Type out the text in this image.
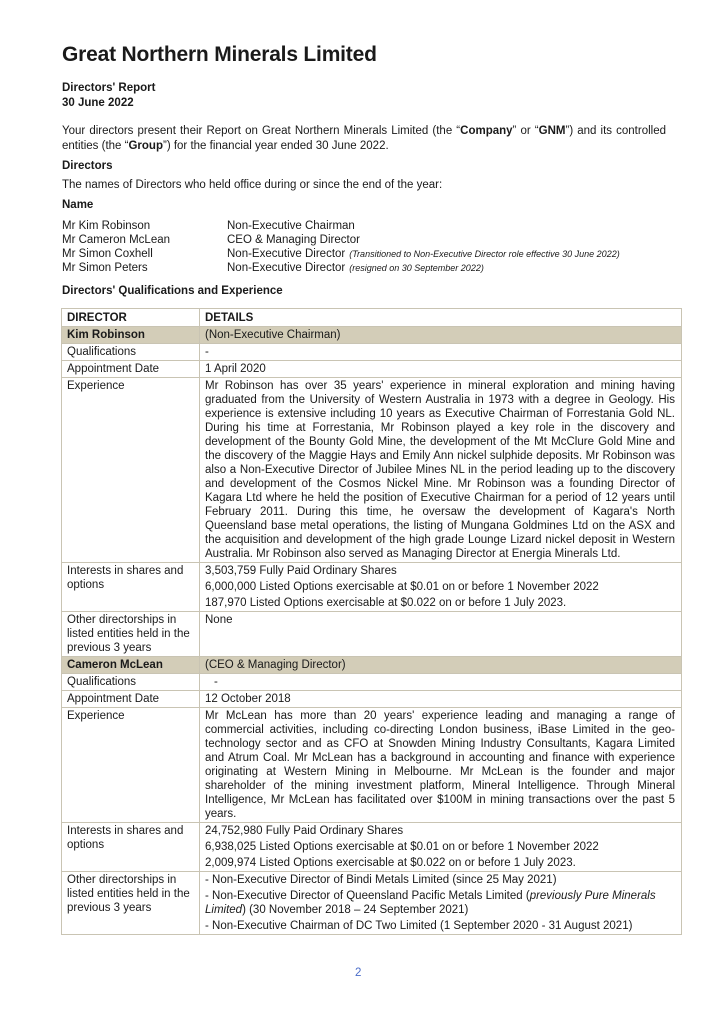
Great Northern Minerals Limited
Directors' Report
30 June 2022
Your directors present their Report on Great Northern Minerals Limited (the “Company” or “GNM”) and its controlled entities (the “Group”) for the financial year ended 30 June 2022.
Directors
The names of Directors who held office during or since the end of the year:
Name
Mr Kim Robinson	Non-Executive Chairman
Mr Cameron McLean	CEO & Managing Director
Mr Simon Coxhell	Non-Executive Director (Transitioned to Non-Executive Director role effective 30 June 2022)
Mr Simon Peters	Non-Executive Director (resigned on 30 September 2022)
Directors' Qualifications and Experience
DIRECTOR	DETAILS
Kim Robinson	(Non-Executive Chairman)
Qualifications	-
Appointment Date	1 April 2020
Experience	Mr Robinson has over 35 years' experience in mineral exploration and mining having graduated from the University of Western Australia in 1973 with a degree in Geology. His experience is extensive including 10 years as Executive Chairman of Forrestania Gold NL. During his time at Forrestania, Mr Robinson played a key role in the discovery and development of the Bounty Gold Mine, the development of the Mt McClure Gold Mine and the discovery of the Maggie Hays and Emily Ann nickel sulphide deposits. Mr Robinson was also a Non-Executive Director of Jubilee Mines NL in the period leading up to the discovery and development of the Cosmos Nickel Mine. Mr Robinson was a founding Director of Kagara Ltd where he held the position of Executive Chairman for a period of 12 years until February 2011. During this time, he oversaw the development of Kagara's North Queensland base metal operations, the listing of Mungana Goldmines Ltd on the ASX and the acquisition and development of the high grade Lounge Lizard nickel deposit in Western Australia. Mr Robinson also served as Managing Director at Energia Minerals Ltd.
Interests in shares and options	3,503,759 Fully Paid Ordinary Shares
6,000,000 Listed Options exercisable at $0.01 on or before 1 November 2022
187,970 Listed Options exercisable at $0.022 on or before 1 July 2023.

Other directorships in listed entities held in the previous 3 years	None
Cameron McLean	(CEO & Managing Director)
Qualifications	-
Appointment Date	12 October 2018
Experience	Mr McLean has more than 20 years' experience leading and managing a range of commercial activities, including co-directing London business, iBase Limited in the geo-technology sector and as CFO at Snowden Mining Industry Consultants, Kagara Limited and Atrum Coal. Mr McLean has a background in accounting and finance with experience originating at Western Mining in Melbourne. Mr McLean is the founder and major shareholder of the mining investment platform, Mineral Intelligence. Through Mineral Intelligence, Mr McLean has facilitated over $100M in mining transactions over the past 5 years.
Interests in shares and options	24,752,980 Fully Paid Ordinary Shares
6,938,025 Listed Options exercisable at $0.01 on or before 1 November 2022
2,009,974 Listed Options exercisable at $0.022 on or before 1 July 2023.

Other directorships in listed entities held in the previous 3 years	- Non-Executive Director of Bindi Metals Limited (since 25 May 2021)
- Non-Executive Director of Queensland Pacific Metals Limited (previously Pure Minerals Limited) (30 November 2018 – 24 September 2021)
- Non-Executive Chairman of DC Two Limited (1 September 2020 - 31 August 2021)
2
